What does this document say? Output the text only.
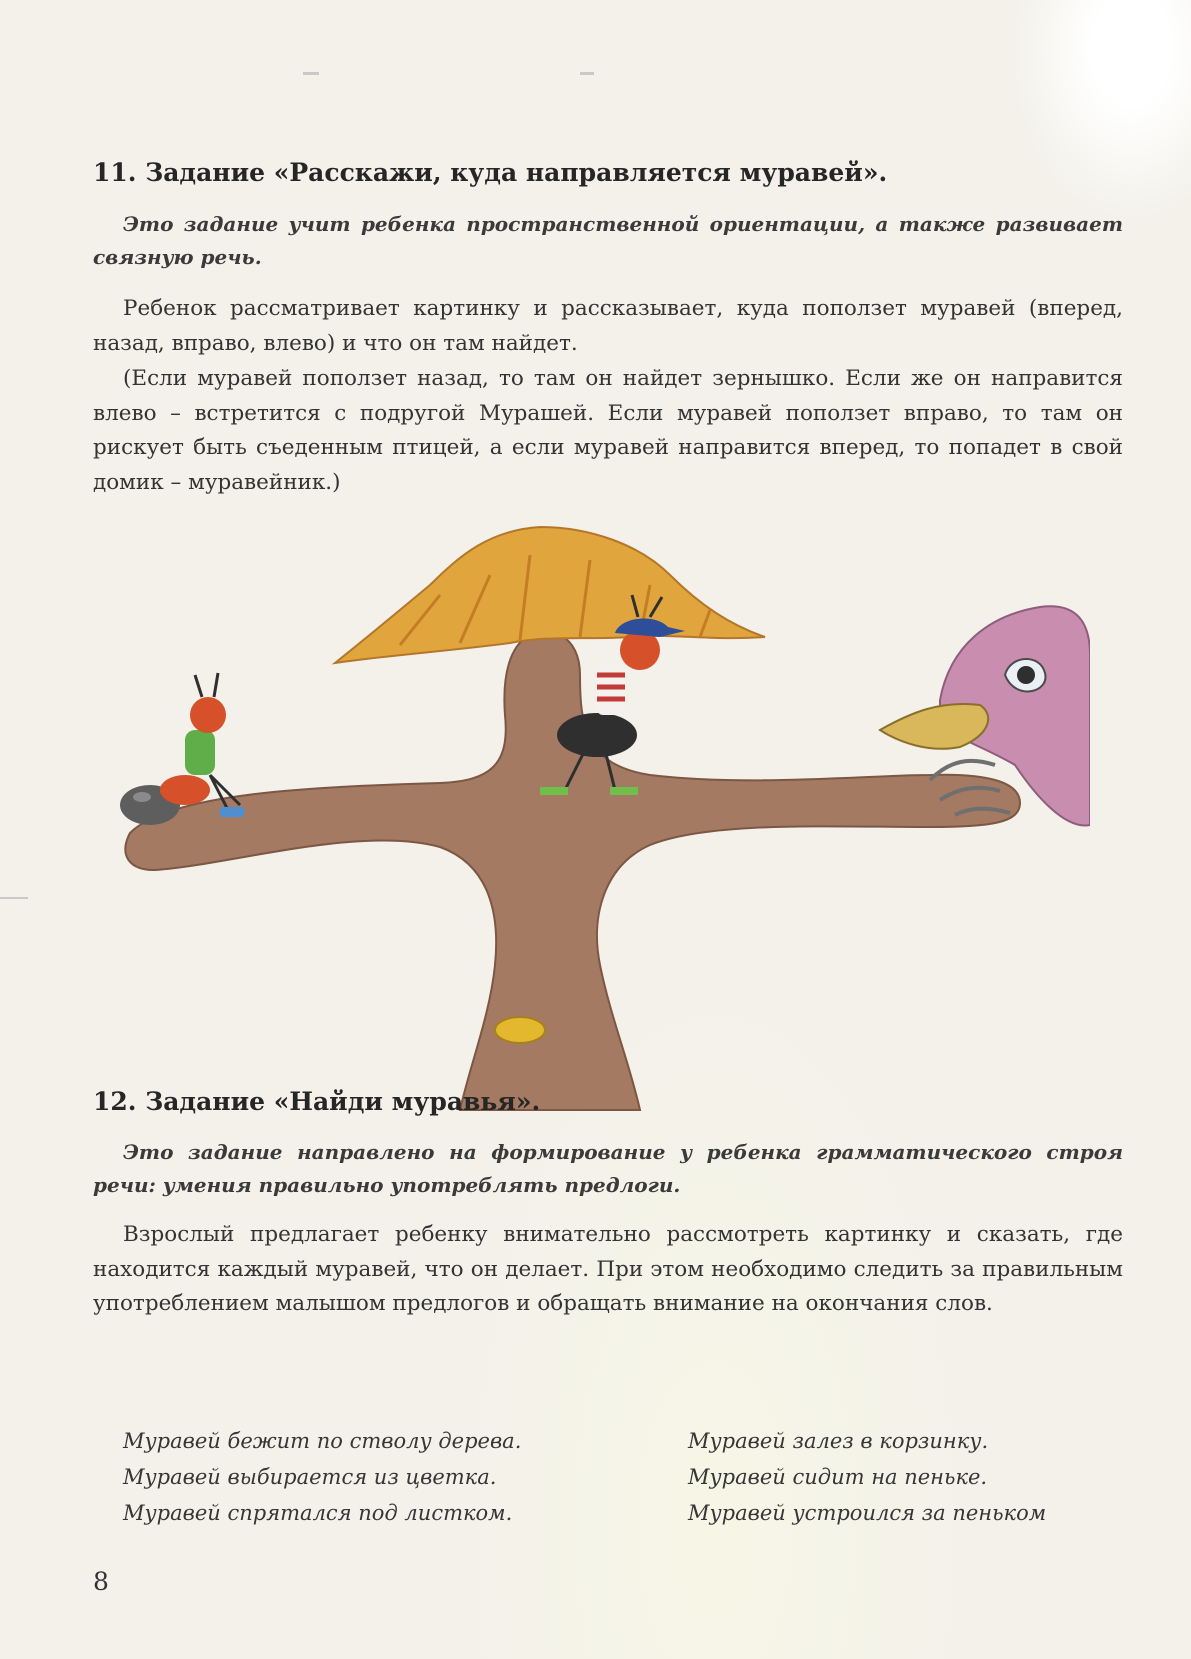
11. Задание «Расскажи, куда направляется муравей».

Это задание учит ребенка пространственной ориентации, а также развивает связную речь.

Ребенок рассматривает картинку и рассказывает, куда поползет муравей (вперед, назад, вправо, влево) и что он там найдет.

(Если муравей поползет назад, то там он найдет зернышко. Если же он направится влево – встретится с подругой Мурашей. Если муравей поползет вправо, то там он рискует быть съеденным птицей, а если муравей направится вперед, то попадет в свой домик – муравейник.)

12. Задание «Найди муравья».

Это задание направлено на формирование у ребенка грамматического строя речи: умения правильно употреблять предлоги.

Взрослый предлагает ребенку внимательно рассмотреть картинку и сказать, где находится каждый муравей, что он делает. При этом необходимо следить за правильным употреблением малышом предлогов и обращать внимание на окончания слов.

Муравей бежит по стволу дерева.	Муравей залез в корзинку.
Муравей выбирается из цветка.	Муравей сидит на пеньке.
Муравей спрятался под листком.	Муравей устроился за пеньком
8
